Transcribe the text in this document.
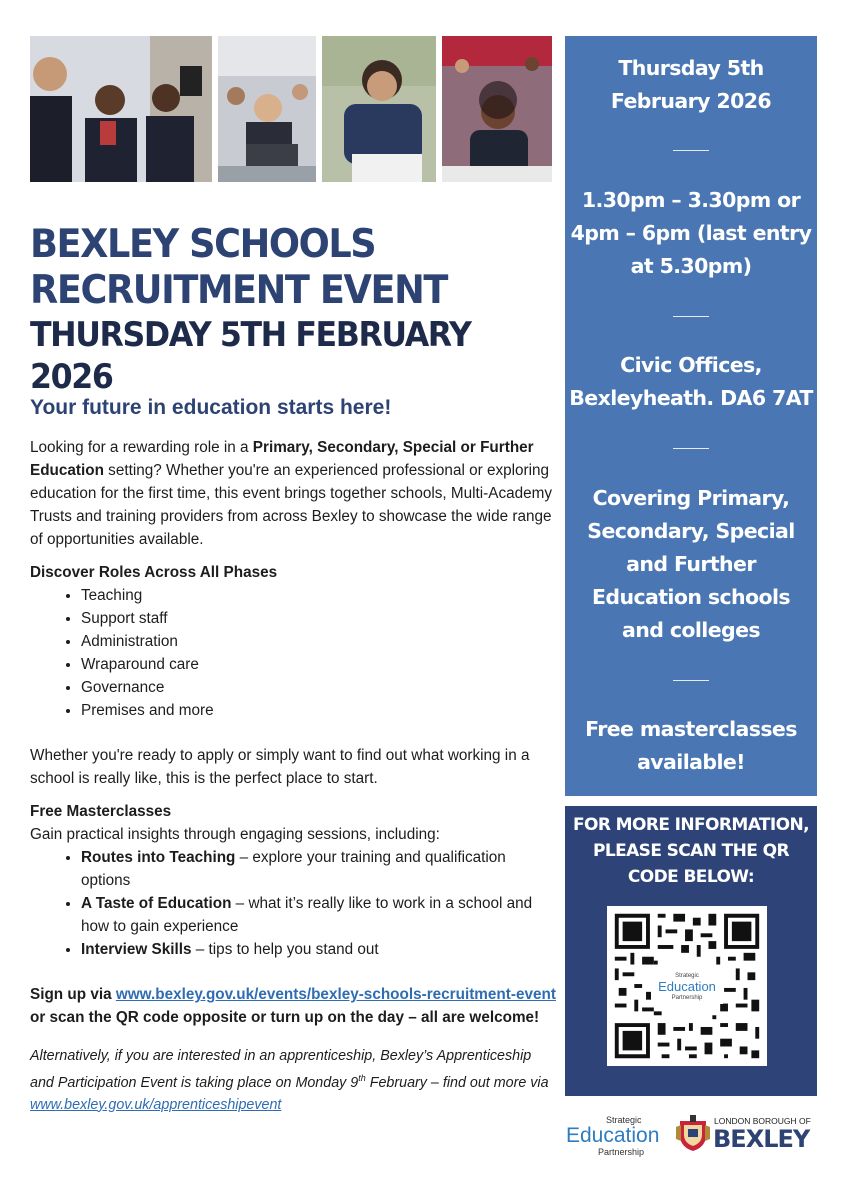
BEXLEY SCHOOLS
RECRUITMENT EVENT
THURSDAY 5TH FEBRUARY 2026
Your future in education starts here!

Looking for a rewarding role in a Primary, Secondary, Special or Further Education setting? Whether you're an experienced professional or exploring education for the first time, this event brings together schools, Multi-Academy Trusts and training providers from across Bexley to showcase the wide range of opportunities available.

Discover Roles Across All Phases

• Teaching
• Support staff
• Administration
• Wraparound care
• Governance
• Premises and more

Whether you're ready to apply or simply want to find out what working in a school is really like, this is the perfect place to start.

Free Masterclasses

Gain practical insights through engaging sessions, including:

• Routes into Teaching – explore your training and qualification options
• A Taste of Education – what it’s really like to work in a school and how to gain experience
• Interview Skills – tips to help you stand out

Sign up via www.bexley.gov.uk/events/bexley-schools-recruitment-event or scan the QR code opposite or turn up on the day – all are welcome!

Alternatively, if you are interested in an apprenticeship, Bexley’s Apprenticeship and Participation Event is taking place on Monday 9th February – find out more via www.bexley.gov.uk/apprenticeshipevent

Thursday 5th
February 2026
1.30pm – 3.30pm or
4pm – 6pm (last entry
at 5.30pm)
Civic Offices,
Bexleyheath. DA6 7AT
Covering Primary,
Secondary, Special
and Further
Education schools
and colleges
Free masterclasses
available!
FOR MORE INFORMATION,
PLEASE SCAN THE QR
CODE BELOW:
Strategic
Education
Partnership
Strategic
Education
Partnership
LONDON BOROUGH OF
BEXLEY
